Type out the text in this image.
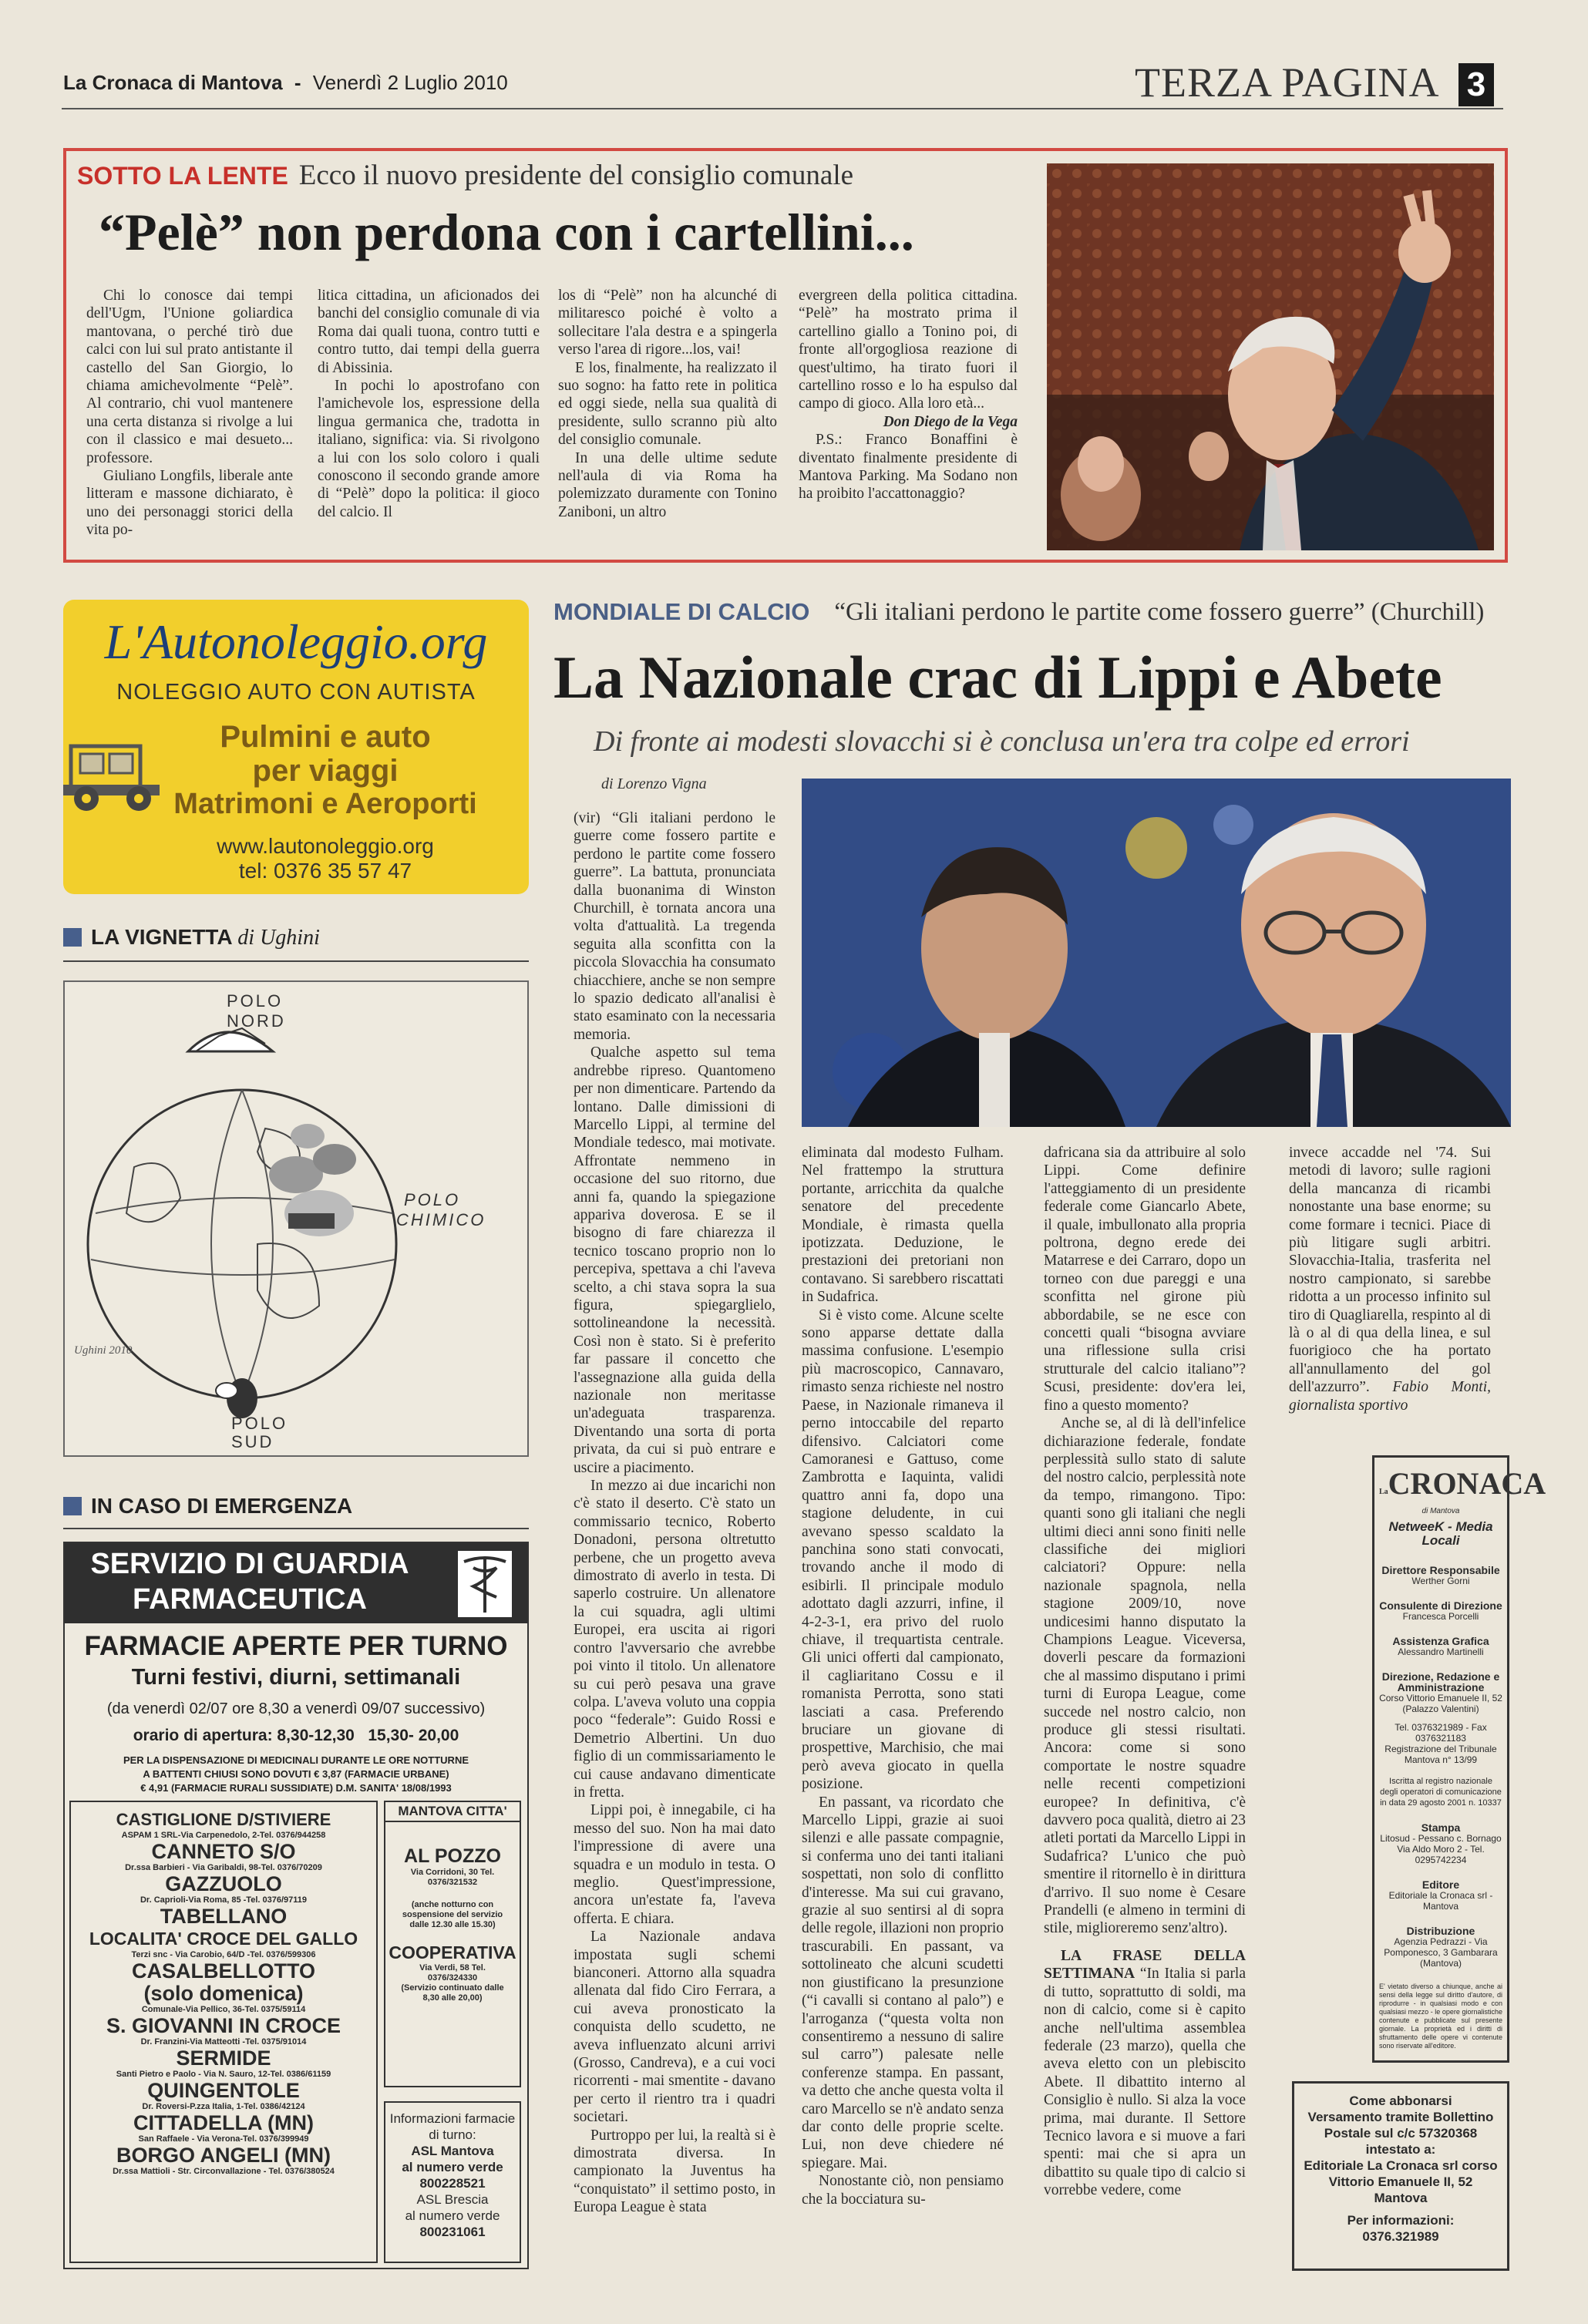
La Cronaca di Mantova - Venerdì 2 Luglio 2010	TERZA PAGINA 3
SOTTO LA LENTE Ecco il nuovo presidente del consiglio comunale
“Pelè” non perdona con i cartellini...

Chi lo conosce dai tempi dell'Ugm, l'Unione goliardica mantovana, o perché tirò due calci con lui sul prato antistante il castello del San Giorgio, lo chiama amichevolmente “Pelè”. Al contrario, chi vuol mantenere una certa distanza si rivolge a lui con il classico e mai desueto... professore.

Giuliano Longfils, liberale ante litteram e massone dichiarato, è uno dei personaggi storici della vita po-

litica cittadina, un aficionados dei banchi del consiglio comunale di via Roma dai quali tuona, contro tutti e contro tutto, dai tempi della guerra di Abissinia.

In pochi lo apostrofano con l'amichevole los, espressione della lingua germanica che, tradotta in italiano, significa: via. Si rivolgono a lui con los solo coloro i quali conoscono il secondo grande amore di “Pelè” dopo la politica: il gioco del calcio. Il

los di “Pelè” non ha alcunché di militaresco poiché è volto a sollecitare l'ala destra e a spingerla verso l'area di rigore...los, vai!

E los, finalmente, ha realizzato il suo sogno: ha fatto rete in politica ed oggi siede, nella sua qualità di presidente, sullo scranno più alto del consiglio comunale.

In una delle ultime sedute nell'aula di via Roma ha polemizzato duramente con Tonino Zaniboni, un altro

evergreen della politica cittadina. “Pelè” ha mostrato prima il cartellino giallo a Tonino poi, di fronte all'orgogliosa reazione di quest'ultimo, ha tirato fuori il cartellino rosso e lo ha espulso dal campo di gioco. Alla loro età...

Don Diego de la Vega

P.S.: Franco Bonaffini è diventato finalmente presidente di Mantova Parking. Ma Sodano non ha proibito l'accattonaggio?

L'Autonoleggio.org
NOLEGGIO AUTO CON AUTISTA
Pulmini e auto
per viaggi
Matrimoni e Aeroporti
www.lautonoleggio.org
tel: 0376 35 57 47
LA VIGNETTA di Ughini
POLO
NORD
POLO
CHIMICO
POLO
SUD
Ughini 2010
IN CASO DI EMERGENZA
SERVIZIO DI GUARDIA
FARMACEUTICA
FARMACIE APERTE PER TURNO
Turni festivi, diurni, settimanali
(da venerdì 02/07 ore 8,30 a venerdì 09/07 successivo)
orario di apertura: 8,30-12,30   15,30- 20,00
PER LA DISPENSAZIONE DI MEDICINALI DURANTE LE ORE NOTTURNE
A BATTENTI CHIUSI SONO DOVUTI € 3,87 (FARMACIE URBANE)
€ 4,91 (FARMACIE RURALI SUSSIDIATE) D.M. SANITA' 18/08/1993
CASTIGLIONE D/STIVIERE
ASPAM 1 SRL-Via Carpenedolo, 2-Tel. 0376/944258
CANNETO S/O
Dr.ssa Barbieri - Via Garibaldi, 98-Tel. 0376/70209
GAZZUOLO
Dr. Caprioli-Via Roma, 85 -Tel. 0376/97119
TABELLANO
LOCALITA' CROCE DEL GALLO
Terzi snc - Via Carobio, 64/D -Tel. 0376/599306
CASALBELLOTTO
(solo domenica)
Comunale-Via Pellico, 36-Tel. 0375/59114
S. GIOVANNI IN CROCE
Dr. Franzini-Via Matteotti -Tel. 0375/91014
SERMIDE
Santi Pietro e Paolo - Via N. Sauro, 12-Tel. 0386/61159
QUINGENTOLE
Dr. Roversi-P.zza Italia, 1-Tel. 0386/42124
CITTADELLA (MN)
San Raffaele - Via Verona-Tel. 0376/399949
BORGO ANGELI (MN)
Dr.ssa Mattioli - Str. Circonvallazione - Tel. 0376/380524
MANTOVA CITTA'
AL POZZO
Via Corridoni, 30 Tel. 0376/321532
(anche notturno con sospensione del servizio dalle 12.30 alle 15.30)
COOPERATIVA
Via Verdi, 58 Tel. 0376/324330
(Servizio continuato dalle 8,30 alle 20,00)
Informazioni farmacie di turno:
ASL Mantova
al numero verde
800228521
ASL Brescia
al numero verde
800231061
MONDIALE DI CALCIO “Gli italiani perdono le partite come fossero guerre” (Churchill)
La Nazionale crac di Lippi e Abete
Di fronte ai modesti slovacchi si è conclusa un'era tra colpe ed errori
di Lorenzo Vigna

(vir) “Gli italiani perdono le guerre come fossero partite e perdono le partite come fossero guerre”. La battuta, pronunciata dalla buonanima di Winston Churchill, è tornata ancora una volta d'attualità. La tregenda seguita alla sconfitta con la piccola Slovacchia ha consumato chiacchiere, anche se non sempre lo spazio dedicato all'analisi è stato esaminato con la necessaria memoria.

Qualche aspetto sul tema andrebbe ripreso. Quantomeno per non dimenticare. Partendo da lontano. Dalle dimissioni di Marcello Lippi, al termine del Mondiale tedesco, mai motivate. Affrontate nemmeno in occasione del suo ritorno, due anni fa, quando la spiegazione appariva doverosa. E se il bisogno di fare chiarezza il tecnico toscano proprio non lo percepiva, spettava a chi l'aveva scelto, a chi stava sopra la sua figura, spiegarglielo, sottolineandone la necessità. Così non è stato. Si è preferito far passare il concetto che l'assegnazione alla guida della nazionale non meritasse un'adeguata trasparenza. Diventando una sorta di porta privata, da cui si può entrare e uscire a piacimento.

In mezzo ai due incarichi non c'è stato il deserto. C'è stato un commissario tecnico, Roberto Donadoni, persona oltretutto perbene, che un progetto aveva dimostrato di averlo in testa. Di saperlo costruire. Un allenatore la cui squadra, agli ultimi Europei, era uscita ai rigori contro l'avversario che avrebbe poi vinto il titolo. Un allenatore su cui però pesava una grave colpa. L'aveva voluto una coppia poco “federale”: Guido Rossi e Demetrio Albertini. Un duo figlio di un commissariamento le cui cause andavano dimenticate in fretta.

Lippi poi, è innegabile, ci ha messo del suo. Non ha mai dato l'impressione di avere una squadra e un modulo in testa. O meglio. Quest'impressione, ancora un'estate fa, l'aveva offerta. E chiara.

La Nazionale andava impostata sugli schemi bianconeri. Attorno alla squadra allenata dal fido Ciro Ferrara, a cui aveva pronosticato la conquista dello scudetto, ne aveva influenzato alcuni arrivi (Grosso, Candreva), e a cui voci ricorrenti - mai smentite - davano per certo il rientro tra i quadri societari.

Purtroppo per lui, la realtà si è dimostrata diversa. In campionato la Juventus ha “conquistato” il settimo posto, in Europa League è stata

eliminata dal modesto Fulham. Nel frattempo la struttura portante, arricchita da qualche senatore del precedente Mondiale, è rimasta quella ipotizzata. Deduzione, le prestazioni dei pretoriani non contavano. Si sarebbero riscattati in Sudafrica.

Si è visto come. Alcune scelte sono apparse dettate dalla massima confusione. L'esempio più macroscopico, Cannavaro, rimasto senza richieste nel nostro Paese, in Nazionale rimaneva il perno intoccabile del reparto difensivo. Calciatori come Camoranesi e Gattuso, come Zambrotta e Iaquinta, validi quattro anni fa, dopo una stagione deludente, in cui avevano spesso scaldato la panchina sono stati convocati, trovando anche il modo di esibirli. Il principale modulo adottato dagli azzurri, infine, il 4-2-3-1, era privo del ruolo chiave, il trequartista centrale. Gli unici offerti dal campionato, il cagliaritano Cossu e il romanista Perrotta, sono stati lasciati a casa. Preferendo bruciare un giovane di prospettive, Marchisio, che mai però aveva giocato in quella posizione.

En passant, va ricordato che Marcello Lippi, grazie ai suoi silenzi e alle passate compagnie, si conferma uno dei tanti italiani sospettati, non solo di conflitto d'interesse. Ma sui cui gravano, grazie al suo sentirsi al di sopra delle regole, illazioni non proprio trascurabili. En passant, va sottolineato che alcuni scudetti non giustificano la presunzione (“i cavalli si contano al palo”) e l'arroganza (“questa volta non consentiremo a nessuno di salire sul carro”) palesate nelle conferenze stampa. En passant, va detto che anche questa volta il caro Marcello se n'è andato senza dar conto delle proprie scelte. Lui, non deve chiedere né spiegare. Mai.

Nonostante ciò, non pensiamo che la bocciatura su-

dafricana sia da attribuire al solo Lippi. Come definire l'atteggiamento di un presidente federale come Giancarlo Abete, il quale, imbullonato alla propria poltrona, degno erede dei Matarrese e dei Carraro, dopo un torneo con due pareggi e una sconfitta nel girone più abbordabile, se ne esce con concetti quali “bisogna avviare una riflessione sulla crisi strutturale del calcio italiano”? Scusi, presidente: dov'era lei, fino a questo momento?

Anche se, al di là dell'infelice dichiarazione federale, fondate perplessità sullo stato di salute del nostro calcio, perplessità note da tempo, rimangono. Tipo: quanti sono gli italiani che negli ultimi dieci anni sono finiti nelle classifiche dei migliori calciatori? Oppure: nella nazionale spagnola, nella stagione 2009/10, nove undicesimi hanno disputato la Champions League. Viceversa, doverli pescare da formazioni che al massimo disputano i primi turni di Europa League, come succede nel nostro calcio, non produce gli stessi risultati. Ancora: come si sono comportate le nostre squadre nelle recenti competizioni europee? In definitiva, c'è davvero poca qualità, dietro ai 23 atleti portati da Marcello Lippi in Sudafrica? L'unico che può smentire il ritornello è in dirittura d'arrivo. Il suo nome è Cesare Prandelli (e almeno in termini di stile, miglioreremo senz'altro).

LA FRASE DELLA SETTIMANA “In Italia si parla di tutto, soprattutto di soldi, ma non di calcio, come si è capito anche nell'ultima assemblea federale (23 marzo), quella che aveva eletto con un plebiscito Abete. Il dibattito interno al Consiglio è nullo. Si alza la voce prima, mai durante. Il Settore Tecnico lavora e si muove a fari spenti: mai che si apra un dibattito su quale tipo di calcio si vorrebbe vedere, come

invece accadde nel '74. Sui metodi di lavoro; sulle ragioni della mancanza di ricambi nonostante una base enorme; su come formare i tecnici. Piace di più litigare sugli arbitri. Slovacchia-Italia, trasferita nel nostro campionato, si sarebbe ridotta a un processo infinito sul tiro di Quagliarella, respinto al di là o al di qua della linea, e sul fuorigioco che ha portato all'annullamento del gol dell'azzurro”. Fabio Monti, giornalista sportivo

LaCRONACA
di Mantova
NetweeK - Media Locali
Direttore Responsabile
Werther Gorni
Consulente di Direzione
Francesca Porcelli
Assistenza Grafica
Alessandro Martinelli
Direzione, Redazione e Amministrazione
Corso Vittorio Emanuele II, 52 (Palazzo Valentini)
Tel. 0376321989 - Fax 0376321183
Registrazione del Tribunale Mantova n° 13/99
Iscritta al registro nazionale degli operatori di comunicazione in data 29 agosto 2001 n. 10337
Stampa
Litosud - Pessano c. Bornago Via Aldo Moro 2 - Tel. 0295742234
Editore
Editoriale la Cronaca srl - Mantova
Distribuzione
Agenzia Pedrazzi - Via Pomponesco, 3 Gambarara (Mantova)
E' vietato diverso a chiunque, anche ai sensi della legge sul diritto d'autore, di riprodurre - in qualsiasi modo e con qualsiasi mezzo - le opere giornalistiche contenute e pubblicate sul presente giornale. La proprietà ed i diritti di sfruttamento delle opere vi contenute sono riservate all'editore.
Come abbonarsi
Versamento tramite Bollettino Postale sul c/c 57320368 intestato a:
Editoriale La Cronaca srl corso Vittorio Emanuele II, 52 Mantova
Per informazioni:
0376.321989
